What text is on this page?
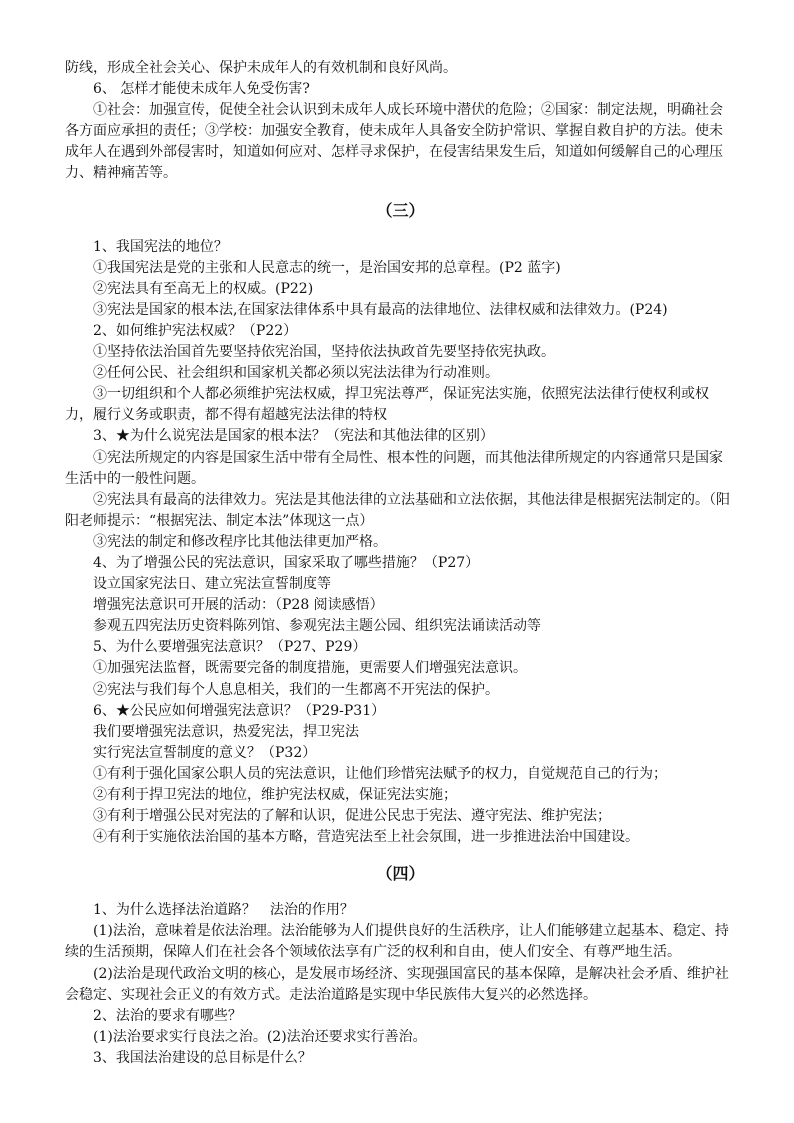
防线，形成全社会关心、保护未成年人的有效机制和良好风尚。

6、 怎样才能使未成年人免受伤害?

①社会：加强宣传，促使全社会认识到未成年人成长环境中潜伏的危险；②国家：制定法规，明确社会各方面应承担的责任；③学校：加强安全教育，使未成年人具备安全防护常识、掌握自救自护的方法。使未成年人在遇到外部侵害时，知道如何应对、怎样寻求保护，在侵害结果发生后，知道如何缓解自己的心理压力、精神痛苦等。

（三）

1、我国宪法的地位？

①我国宪法是党的主张和人民意志的统一，是治国安邦的总章程。(P2 蓝字)

②宪法具有至高无上的权威。(P22)

③宪法是国家的根本法,在国家法律体系中具有最高的法律地位、法律权威和法律效力。(P24)

2、如何维护宪法权威？（P22）

①坚持依法治国首先要坚持依宪治国，坚持依法执政首先要坚持依宪执政。

②任何公民、社会组织和国家机关都必须以宪法法律为行动准则。

③一切组织和个人都必须维护宪法权威，捍卫宪法尊严，保证宪法实施，依照宪法法律行使权利或权力，履行义务或职责，都不得有超越宪法法律的特权

3、★为什么说宪法是国家的根本法？（宪法和其他法律的区别）

①宪法所规定的内容是国家生活中带有全局性、根本性的问题，而其他法律所规定的内容通常只是国家生活中的一般性问题。

②宪法具有最高的法律效力。宪法是其他法律的立法基础和立法依据，其他法律是根据宪法制定的。（阳阳老师提示：“根据宪法、制定本法”体现这一点）

③宪法的制定和修改程序比其他法律更加严格。

4、为了增强公民的宪法意识，国家采取了哪些措施？（P27）

设立国家宪法日、建立宪法宣誓制度等

增强宪法意识可开展的活动：（P28 阅读感悟）

参观五四宪法历史资料陈列馆、参观宪法主题公园、组织宪法诵读活动等

5、为什么要增强宪法意识？（P27、P29）

①加强宪法监督，既需要完备的制度措施，更需要人们增强宪法意识。

②宪法与我们每个人息息相关，我们的一生都离不开宪法的保护。

6、★公民应如何增强宪法意识？（P29-P31）

我们要增强宪法意识，热爱宪法，捍卫宪法

实行宪法宣誓制度的意义？（P32）

①有利于强化国家公职人员的宪法意识，让他们珍惜宪法赋予的权力，自觉规范自己的行为；

②有利于捍卫宪法的地位，维护宪法权威，保证宪法实施；

③有利于增强公民对宪法的了解和认识，促进公民忠于宪法、遵守宪法、维护宪法；

④有利于实施依法治国的基本方略，营造宪法至上社会氛围，进一步推进法治中国建设。

（四）

1、为什么选择法治道路？　法治的作用？

(1)法治，意味着是依法治理。法治能够为人们提供良好的生活秩序，让人们能够建立起基本、稳定、持续的生活预期，保障人们在社会各个领域依法享有广泛的权利和自由，使人们安全、有尊严地生活。

(2)法治是现代政治文明的核心，是发展市场经济、实现强国富民的基本保障，是解决社会矛盾、维护社会稳定、实现社会正义的有效方式。走法治道路是实现中华民族伟大复兴的必然选择。

2、法治的要求有哪些？

(1)法治要求实行良法之治。(2)法治还要求实行善治。

3、我国法治建设的总目标是什么？
